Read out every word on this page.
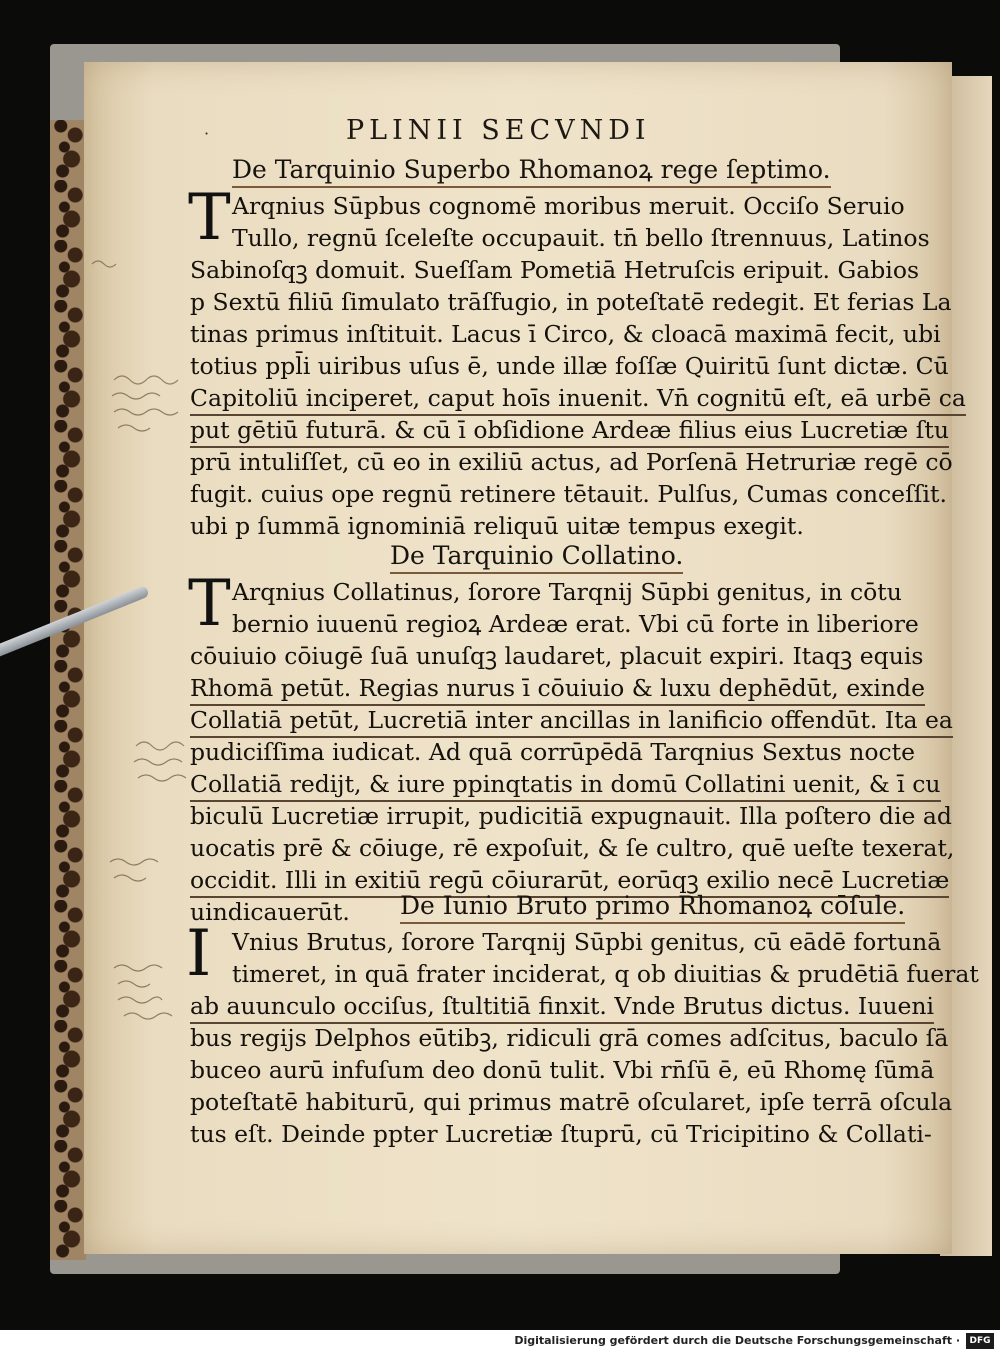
·	PLINII SECVNDI
De Tarquinio Superbo Rhomanoꝝ rege ſeptimo.
T Arqnius Sūpbus cognomē moribus meruit. Occiſo Seruio
Tullo, regnū ſceleſte occupauit. tn̄ bello ſtrennuus, Latinos
Sabinoſqꝫ domuit. Sueſſam Pometiā Hetruſcis eripuit. Gabios
p Sextū filiū ſimulato trāſfugio, in poteſtatē redegit. Et ferias La
tinas primus inſtituit. Lacus ī Circo, & cloacā maximā fecit, ubi
totius ppl̄i uiribus uſus ē, unde illæ foſſæ Quiritū ſunt dictæ. Cū
Capitoliū inciperet, caput hoīs inuenit. Vn̄ cognitū eſt, eā urbē ca
put gētiū futurā. & cū ī obſidione Ardeæ filius eius Lucretiæ ſtu
prū intuliſſet, cū eo in exiliū actus, ad Porſenā Hetruriæ regē cō
fugit. cuius ope regnū retinere tētauit. Pulſus, Cumas conceſſit.
ubi p ſummā ignominiā reliquū uitæ tempus exegit.
De Tarquinio Collatino.
T Arqnius Collatinus, ſorore Tarqnij Sūpbi genitus, in cōtu
bernio iuuenū regioꝝ Ardeæ erat. Vbi cū forte in liberiore
cōuiuio cōiugē ſuā unuſqꝫ laudaret, placuit expiri. Itaqꝫ equis
Rhomā petūt. Regias nurus ī cōuiuio & luxu dephēdūt, exinde
Collatiā petūt, Lucretiā inter ancillas in lanificio offendūt. Ita ea
pudiciſſima iudicat. Ad quā corrūpēdā Tarqnius Sextus nocte
Collatiā redijt, & iure ppinqtatis in domū Collatini uenit, & ī cu
biculū Lucretiæ irrupit, pudicitiā expugnauit. Illa poſtero die ad
uocatis prē & cōiuge, rē expoſuit, & ſe cultro, quē ueſte texerat,
occidit. Illi in exitiū regū cōiurarūt, eorūqꝫ exilio necē Lucretiæ
uindicauerūt. De Iunio Bruto primo Rhomanoꝝ cōſule.
I Vnius Brutus, ſorore Tarqnij Sūpbi genitus, cū eādē fortunā
timeret, in quā frater inciderat, q ob diuitias & prudētiā fuerat
ab auunculo occiſus, ſtultitiā finxit. Vnde Brutus dictus. Iuueni
bus regijs Delphos eūtibꝫ, ridiculi grā comes adſcitus, baculo ſā
buceo aurū infuſum deo donū tulit. Vbi rn̄ſū ē, eū Rhomę ſūmā
poteſtatē habiturū, qui primus matrē oſcularet, ipſe terrā oſcula
tus eſt. Deinde ppter Lucretiæ ſtuprū, cū Tricipitino & Collati-
Digitalisierung gefördert durch die Deutsche Forschungsgemeinschaft ·	DFG
